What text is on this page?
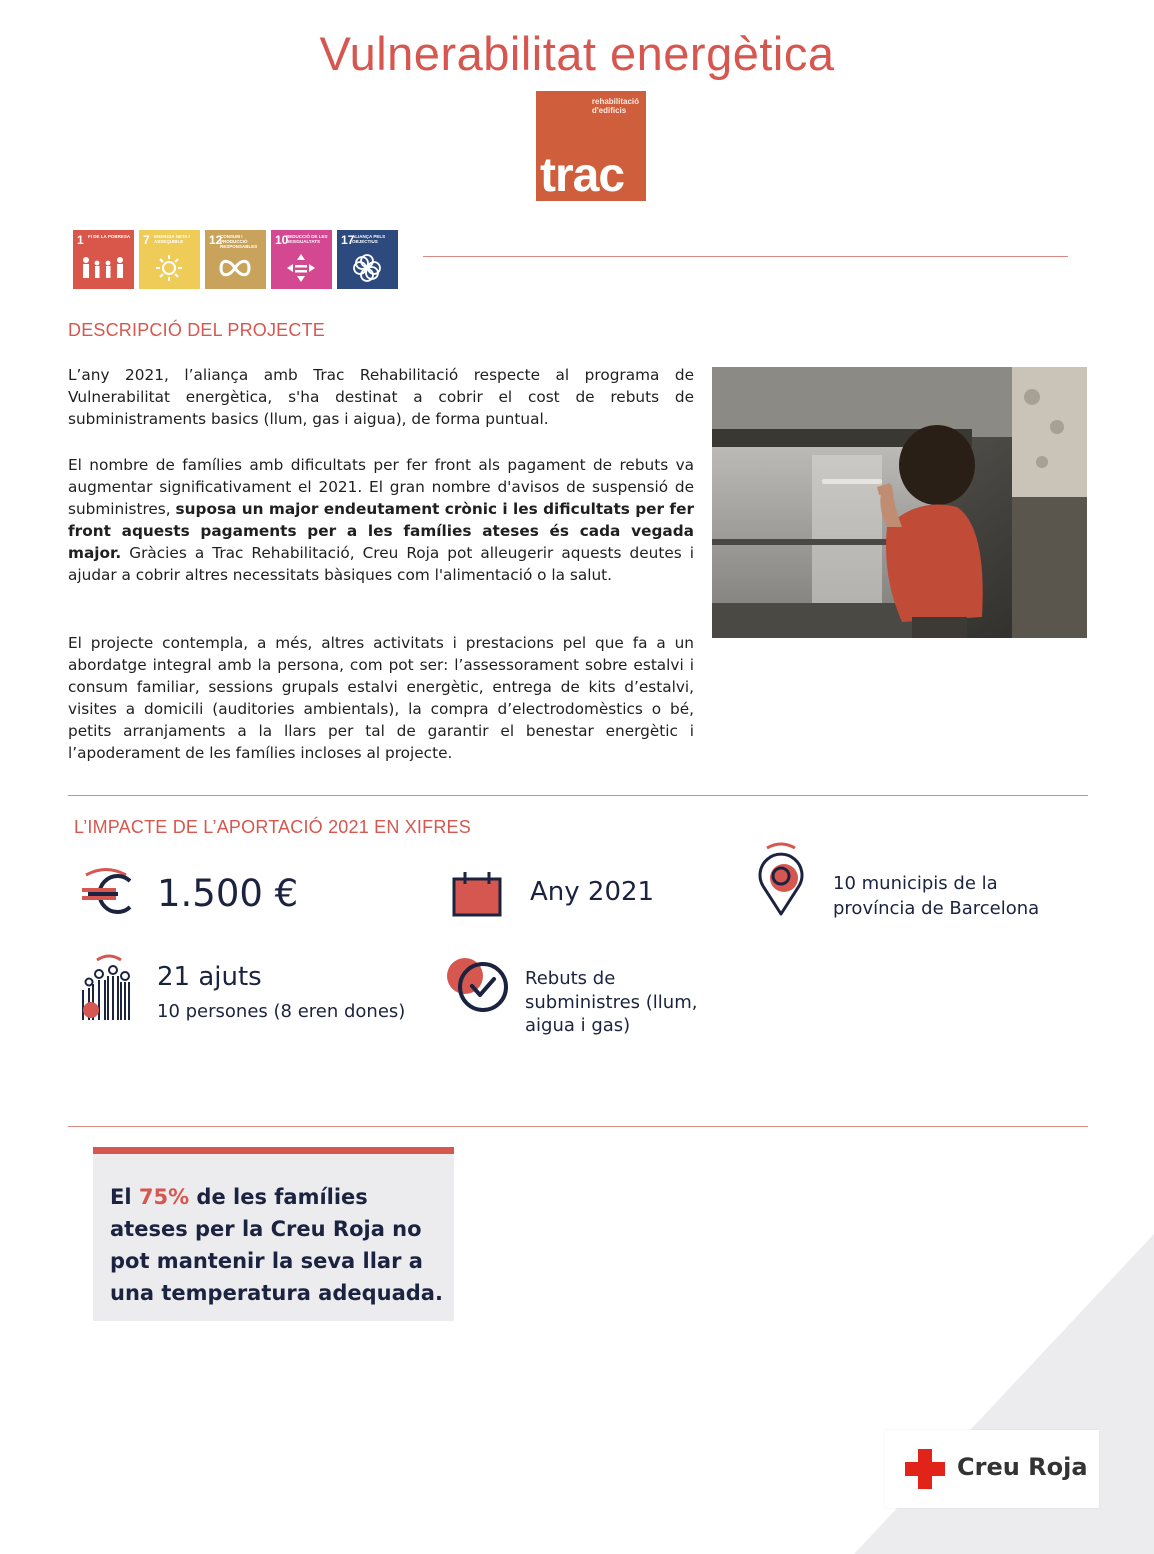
Vulnerabilitat energètica
rehabilitació
d'edificis
trac
1 FI DE LA POBRESA 7 ENERGIA NETA I ASSEQUIBLE	12
CONSUM I PRODUCCIÓ RESPONSABLES	10
REDUCCIÓ DE LES DESIGUALTATS	17
ALIANÇA PELS OBJECTIUS
DESCRIPCIÓ DEL PROJECTE

L’any 2021, l’aliança amb Trac Rehabilitació respecte al programa de Vulnerabilitat energètica, s'ha destinat a cobrir el cost de rebuts de subministraments basics (llum, gas i aigua), de forma puntual.

El nombre de famílies amb dificultats per fer front als pagament de rebuts va augmentar significativament el 2021. El gran nombre d'avisos de suspensió de subministres, suposa un major endeutament crònic i les dificultats per fer front aquests pagaments per a les famílies ateses és cada vegada major. Gràcies a Trac Rehabilitació, Creu Roja pot alleugerir aquests deutes i ajudar a cobrir altres necessitats bàsiques com l'alimentació o la salut.

El projecte contempla, a més, altres activitats i prestacions pel que fa a un abordatge integral amb la persona, com pot ser: l’assessorament sobre estalvi i consum familiar, sessions grupals estalvi energètic, entrega de kits d’estalvi, visites a domicili (auditories ambientals), la compra d’electrodomèstics o bé, petits arranjaments a la llars per tal de garantir el benestar energètic i l’apoderament de les famílies incloses al projecte.

L’IMPACTE DE L’APORTACIÓ 2021 EN XIFRES
1.500 €	Any 2021	10 municipis de la
província de Barcelona
21 ajuts
10 persones (8 eren dones)
Rebuts de
subministres (llum,
aigua i gas)
El 75% de les famílies ateses per la Creu Roja no pot mantenir la seva llar a una temperatura adequada.
Creu Roja
